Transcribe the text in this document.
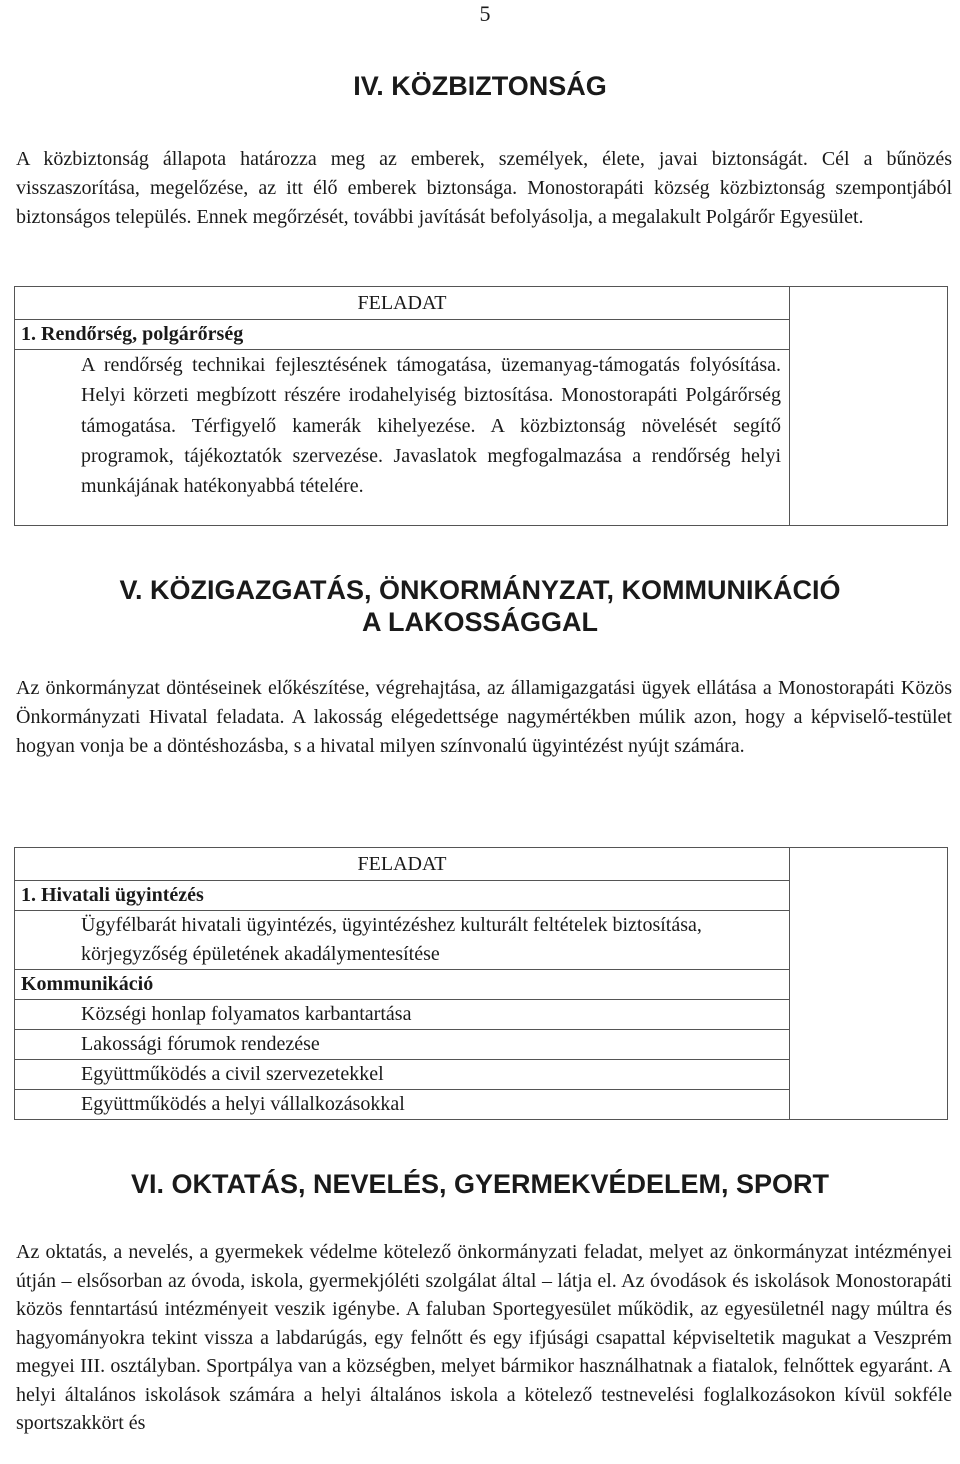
5
IV. KÖZBIZTONSÁG

A közbiztonság állapota határozza meg az emberek, személyek, élete, javai biztonságát. Cél a bűnözés visszaszorítása, megelőzése, az itt élő emberek biztonsága. Monostorapáti község közbiztonság szempontjából biztonságos település. Ennek megőrzését, további javítását befolyásolja, a megalakult Polgárőr Egyesület.

FELADAT	
1. Rendőrség, polgárőrség
A rendőrség technikai fejlesztésének támogatása, üzemanyag-támogatás folyósítása. Helyi körzeti megbízott részére irodahelyiség biztosítása. Monostorapáti Polgárőrség támogatása. Térfigyelő kamerák kihelyezése. A közbiztonság növelését segítő programok, tájékoztatók szervezése. Javaslatok megfogalmazása a rendőrség helyi munkájának hatékonyabbá tételére.
V. KÖZIGAZGATÁS, ÖNKORMÁNYZAT, KOMMUNIKÁCIÓ
A LAKOSSÁGGAL

Az önkormányzat döntéseinek előkészítése, végrehajtása, az államigazgatási ügyek ellátása a Monostorapáti Közös Önkormányzati Hivatal feladata. A lakosság elégedettsége nagymértékben múlik azon, hogy a képviselő-testület hogyan vonja be a döntéshozásba, s a hivatal milyen színvonalú ügyintézést nyújt számára.

FELADAT	
1. Hivatali ügyintézés
Ügyfélbarát hivatali ügyintézés, ügyintézéshez kulturált feltételek biztosítása, körjegyzőség épületének akadálymentesítése
Kommunikáció
Községi honlap folyamatos karbantartása
Lakossági fórumok rendezése
Együttműködés a civil szervezetekkel
Együttműködés a helyi vállalkozásokkal
VI. OKTATÁS, NEVELÉS, GYERMEKVÉDELEM, SPORT

Az oktatás, a nevelés, a gyermekek védelme kötelező önkormányzati feladat, melyet az önkormányzat intézményei útján – elsősorban az óvoda, iskola, gyermekjóléti szolgálat által – látja el. Az óvodások és iskolások Monostorapáti közös fenntartású intézményeit veszik igénybe. A faluban Sportegyesület működik, az egyesületnél nagy múltra és hagyományokra tekint vissza a labdarúgás, egy felnőtt és egy ifjúsági csapattal képviseltetik magukat a Veszprém megyei III. osztályban. Sportpálya van a községben, melyet bármikor használhatnak a fiatalok, felnőttek egyaránt. A helyi általános iskolások számára a helyi általános iskola a kötelező testnevelési foglalkozásokon kívül sokféle sportszakkört és
